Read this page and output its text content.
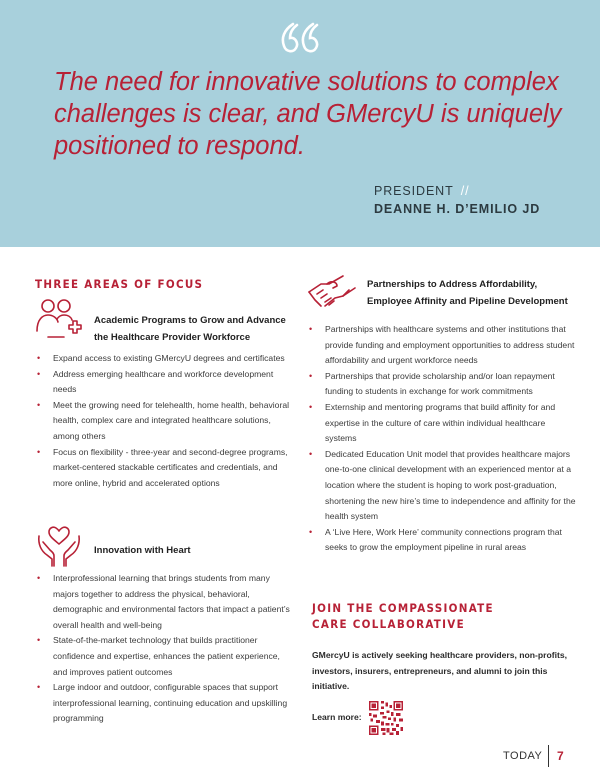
The need for innovative solutions to complex challenges is clear, and GMercyU is uniquely positioned to respond.
PRESIDENT //
DEANNE H. D’EMILIO JD
THREE AREAS OF FOCUS
Academic Programs to Grow and Advance the Healthcare Provider Workforce
• Expand access to existing GMercyU degrees and certificates
• Address emerging healthcare and workforce development needs
• Meet the growing need for telehealth, home health, behavioral health, complex care and integrated healthcare solutions, among others
• Focus on flexibility - three-year and second-degree programs, market-centered stackable certificates and credentials, and more online, hybrid and accelerated options
Innovation with Heart
• Interprofessional learning that brings students from many majors together to address the physical, behavioral, demographic and environmental factors that impact a patient’s overall health and well-being
• State-of-the-market technology that builds practitioner confidence and expertise, enhances the patient experience, and improves patient outcomes
• Large indoor and outdoor, configurable spaces that support interprofessional learning, continuing education and upskilling programming
Partnerships to Address Affordability, Employee Affinity and Pipeline Development
• Partnerships with healthcare systems and other institutions that provide funding and employment opportunities to address student affordability and urgent workforce needs
• Partnerships that provide scholarship and/or loan repayment funding to students in exchange for work commitments
• Externship and mentoring programs that build affinity for and expertise in the culture of care within individual healthcare systems
• Dedicated Education Unit model that provides healthcare majors one-to-one clinical development with an experienced mentor at a location where the student is hoping to work post-graduation, shortening the new hire’s time to independence and affinity for the health system
• A ‘Live Here, Work Here’ community connections program that seeks to grow the employment pipeline in rural areas
JOIN THE COMPASSIONATE CARE COLLABORATIVE
GMercyU is actively seeking healthcare providers, non-profits, investors, insurers, entrepreneurs, and alumni to join this initiative.
Learn more:
TODAY 7
